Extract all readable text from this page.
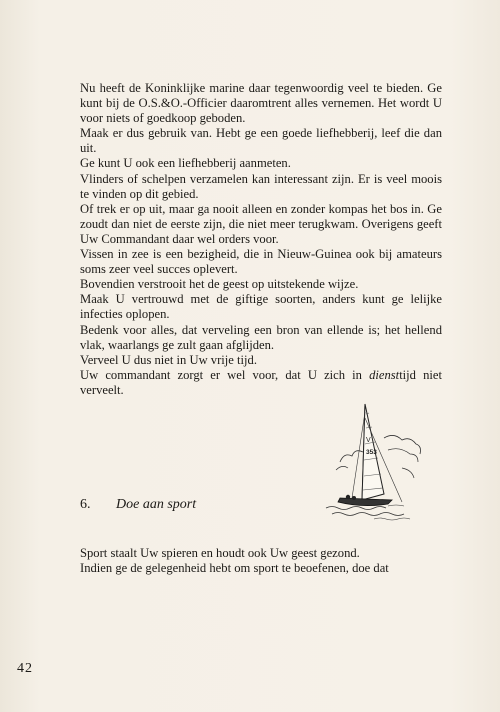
Nu heeft de Koninklijke marine daar tegenwoordig veel te bieden. Ge kunt bij de O.S.&O.-Officier daaromtrent alles vernemen. Het wordt U voor niets of goedkoop geboden.

Maak er dus gebruik van. Hebt ge een goede liefhebberij, leef die dan uit.

Ge kunt U ook een liefhebberij aanmeten.

Vlinders of schelpen verzamelen kan interessant zijn. Er is veel moois te vinden op dit gebied.

Of trek er op uit, maar ga nooit alleen en zonder kompas het bos in. Ge zoudt dan niet de eerste zijn, die niet meer terugkwam. Overigens geeft Uw Commandant daar wel orders voor.

Vissen in zee is een bezigheid, die in Nieuw-Guinea ook bij amateurs soms zeer veel succes oplevert.

Bovendien verstrooit het de geest op uitstekende wijze.

Maak U vertrouwd met de giftige soorten, anders kunt ge lelijke infecties oplopen.

Bedenk voor alles, dat verveling een bron van ellende is; het hellend vlak, waarlangs ge zult gaan afglijden.

Verveel U dus niet in Uw vrije tijd.

Uw commandant zorgt er wel voor, dat U zich in diensttijd niet verveelt.

V
353
6. Doe aan sport

Sport staalt Uw spieren en houdt ook Uw geest gezond.

Indien ge de gelegenheid hebt om sport te beoefenen, doe dat

42
